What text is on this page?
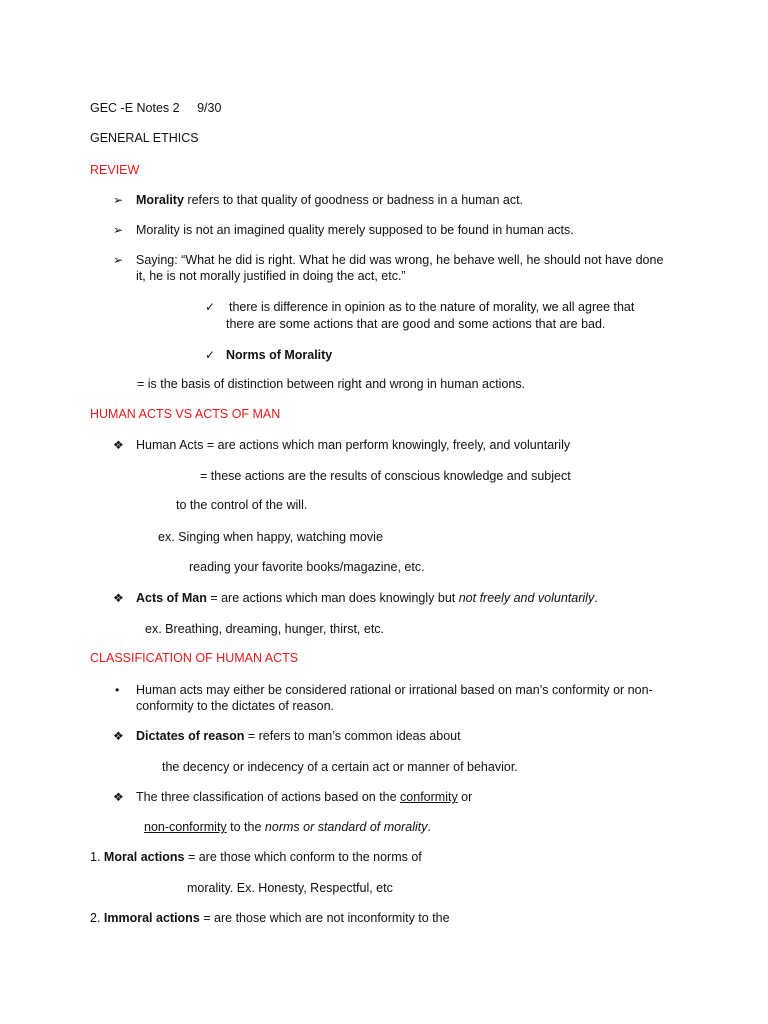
GEC -E Notes 2 9/30
GENERAL ETHICS
REVIEW
➢ Morality refers to that quality of goodness or badness in a human act.
➢ Morality is not an imagined quality merely supposed to be found in human acts.
➢ Saying: “What he did is right. What he did was wrong, he behave well, he should not have done
it, he is not morally justified in doing the act, etc.”
✓ there is difference in opinion as to the nature of morality, we all agree that
there are some actions that are good and some actions that are bad.
✓ Norms of Morality
= is the basis of distinction between right and wrong in human actions.
HUMAN ACTS VS ACTS OF MAN
❖ Human Acts = are actions which man perform knowingly, freely, and voluntarily
= these actions are the results of conscious knowledge and subject
to the control of the will.
ex. Singing when happy, watching movie
reading your favorite books/magazine, etc.
❖ Acts of Man = are actions which man does knowingly but not freely and voluntarily.
ex. Breathing, dreaming, hunger, thirst, etc.
CLASSIFICATION OF HUMAN ACTS
• Human acts may either be considered rational or irrational based on man’s conformity or non-
conformity to the dictates of reason.
❖ Dictates of reason = refers to man’s common ideas about
the decency or indecency of a certain act or manner of behavior.
❖ The three classification of actions based on the conformity or
non-conformity to the norms or standard of morality.
1. Moral actions = are those which conform to the norms of
morality. Ex. Honesty, Respectful, etc
2. Immoral actions = are those which are not inconformity to the
